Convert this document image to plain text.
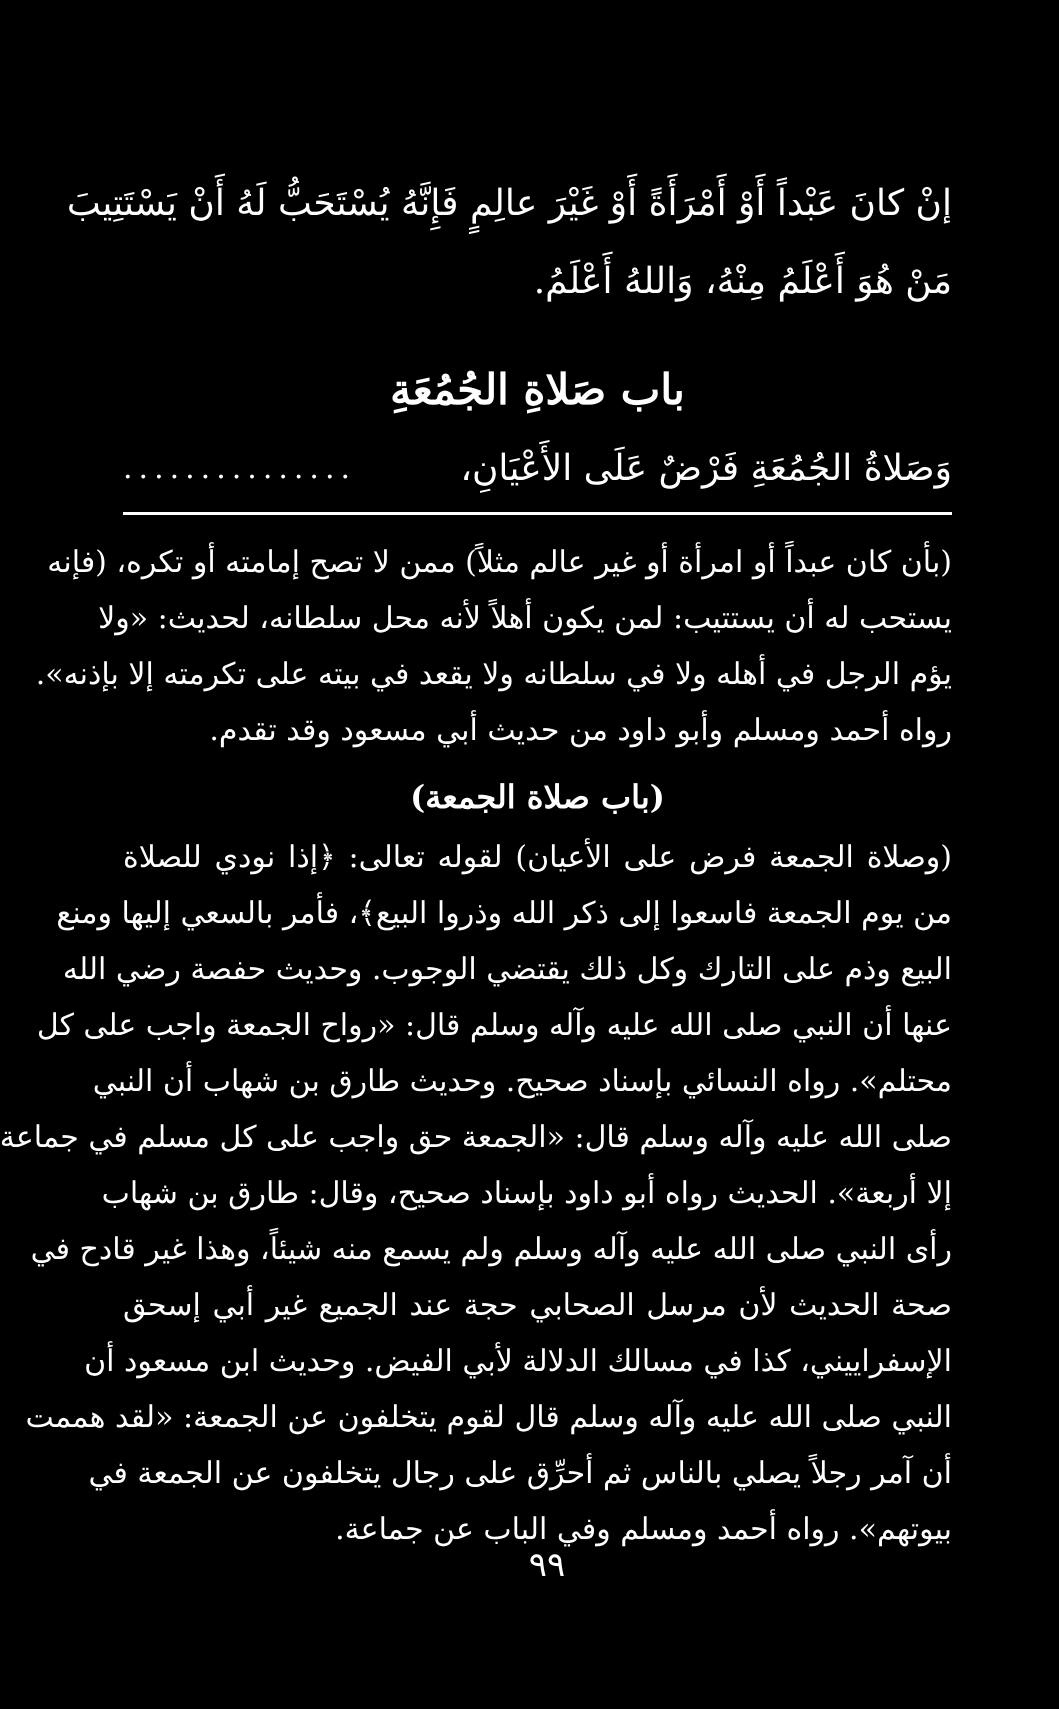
إنْ كانَ عَبْداً أَوْ أَمْرَأَةً أَوْ غَيْرَ عالِمٍ فَإِنَّهُ يُسْتَحَبُّ لَهُ أَنْ يَسْتَتِيبَ
مَنْ هُوَ أَعْلَمُ مِنْهُ، وَاللهُ أَعْلَمُ.
باب صَلاةِ الجُمُعَةِ
وَصَلاةُ الجُمُعَةِ فَرْضٌ عَلَى الأَعْيَانِ،
...............
(بأن كان عبداً أو امرأة أو غير عالم مثلاً) ممن لا تصح إمامته أو تكره، (فإنه
يستحب له أن يستتيب: لمن يكون أهلاً لأنه محل سلطانه، لحديث: «ولا
يؤم الرجل في أهله ولا في سلطانه ولا يقعد في بيته على تكرمته إلا بإذنه».
رواه أحمد ومسلم وأبو داود من حديث أبي مسعود وقد تقدم.
(باب صلاة الجمعة)
(وصلاة الجمعة فرض على الأعيان) لقوله تعالى: ﴿إذا نودي للصلاة
من يوم الجمعة فاسعوا إلى ذكر الله وذروا البيع﴾، فأمر بالسعي إليها ومنع
البيع وذم على التارك وكل ذلك يقتضي الوجوب. وحديث حفصة رضي الله
عنها أن النبي صلى الله عليه وآله وسلم قال: «رواح الجمعة واجب على كل
محتلم». رواه النسائي بإسناد صحيح. وحديث طارق بن شهاب أن النبي
صلى الله عليه وآله وسلم قال: «الجمعة حق واجب على كل مسلم في جماعة
إلا أربعة». الحديث رواه أبو داود بإسناد صحيح، وقال: طارق بن شهاب
رأى النبي صلى الله عليه وآله وسلم ولم يسمع منه شيئاً، وهذا غير قادح في
صحة الحديث لأن مرسل الصحابي حجة عند الجميع غير أبي إسحق
الإسفراييني، كذا في مسالك الدلالة لأبي الفيض. وحديث ابن مسعود أن
النبي صلى الله عليه وآله وسلم قال لقوم يتخلفون عن الجمعة: «لقد هممت
أن آمر رجلاً يصلي بالناس ثم أحرِّق على رجال يتخلفون عن الجمعة في
بيوتهم». رواه أحمد ومسلم وفي الباب عن جماعة.
٩٩
